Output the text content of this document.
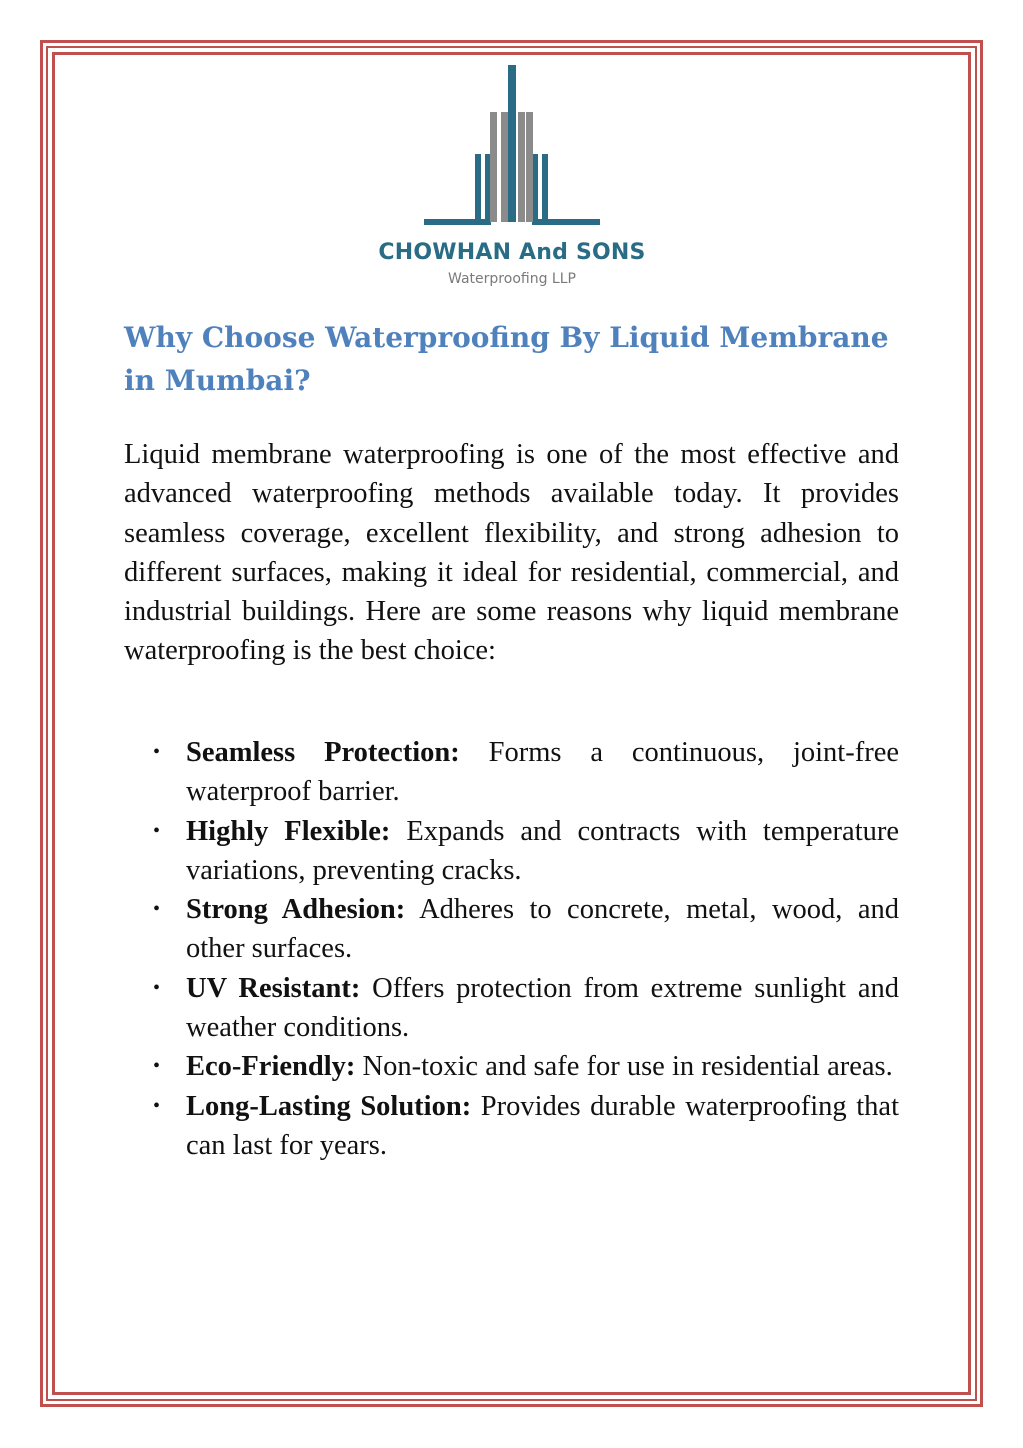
CHOWHAN And SONS
Waterproofing LLP
Why Choose Waterproofing By Liquid Membrane in Mumbai?

Liquid membrane waterproofing is one of the most effective and advanced waterproofing methods available today. It provides seamless coverage, excellent flexibility, and strong adhesion to different surfaces, making it ideal for residential, commercial, and industrial buildings. Here are some reasons why liquid membrane waterproofing is the best choice:

• Seamless Protection: Forms a continuous, joint-free waterproof barrier.
• Highly Flexible: Expands and contracts with temperature variations, preventing cracks.
• Strong Adhesion: Adheres to concrete, metal, wood, and other surfaces.
• UV Resistant: Offers protection from extreme sunlight and weather conditions.
• Eco-Friendly: Non-toxic and safe for use in residential areas.
• Long-Lasting Solution: Provides durable waterproofing that can last for years.
